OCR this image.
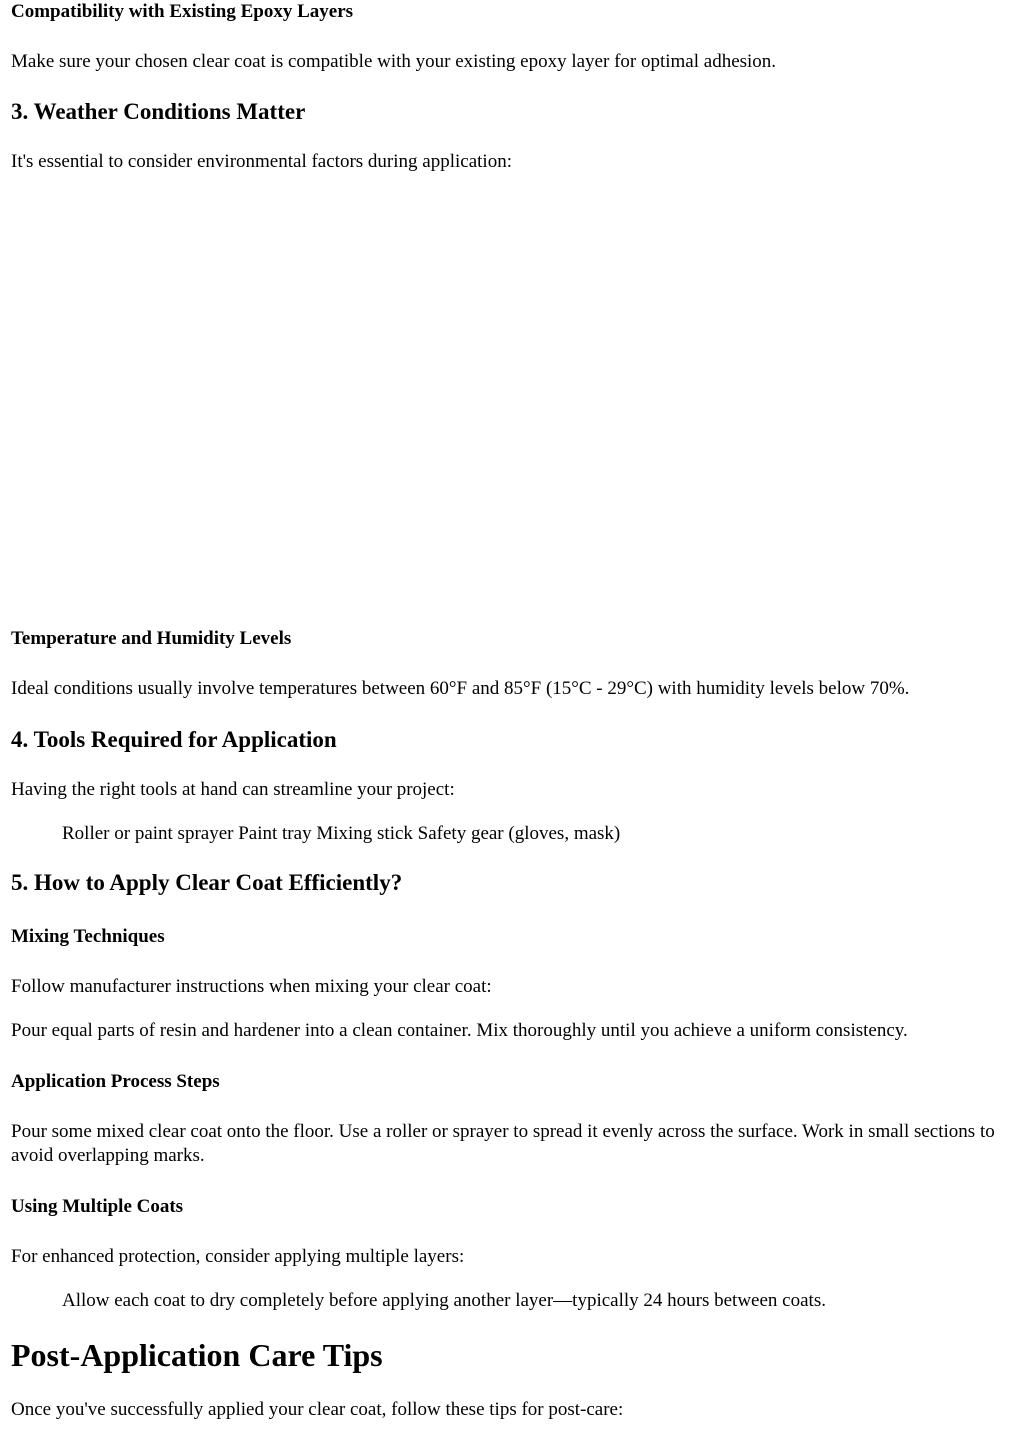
Compatibility with Existing Epoxy Layers
Make sure your chosen clear coat is compatible with your existing epoxy layer for optimal adhesion.
3. Weather Conditions Matter
It's essential to consider environmental factors during application:
Temperature and Humidity Levels
Ideal conditions usually involve temperatures between 60°F and 85°F (15°C - 29°C) with humidity levels below 70%.
4. Tools Required for Application
Having the right tools at hand can streamline your project:
Roller or paint sprayer Paint tray Mixing stick Safety gear (gloves, mask)
5. How to Apply Clear Coat Efficiently?
Mixing Techniques
Follow manufacturer instructions when mixing your clear coat:
Pour equal parts of resin and hardener into a clean container. Mix thoroughly until you achieve a uniform consistency.
Application Process Steps
Pour some mixed clear coat onto the floor. Use a roller or sprayer to spread it evenly across the surface. Work in small sections to avoid overlapping marks.
Using Multiple Coats
For enhanced protection, consider applying multiple layers:
Allow each coat to dry completely before applying another layer—typically 24 hours between coats.
Post-Application Care Tips
Once you've successfully applied your clear coat, follow these tips for post-care:
